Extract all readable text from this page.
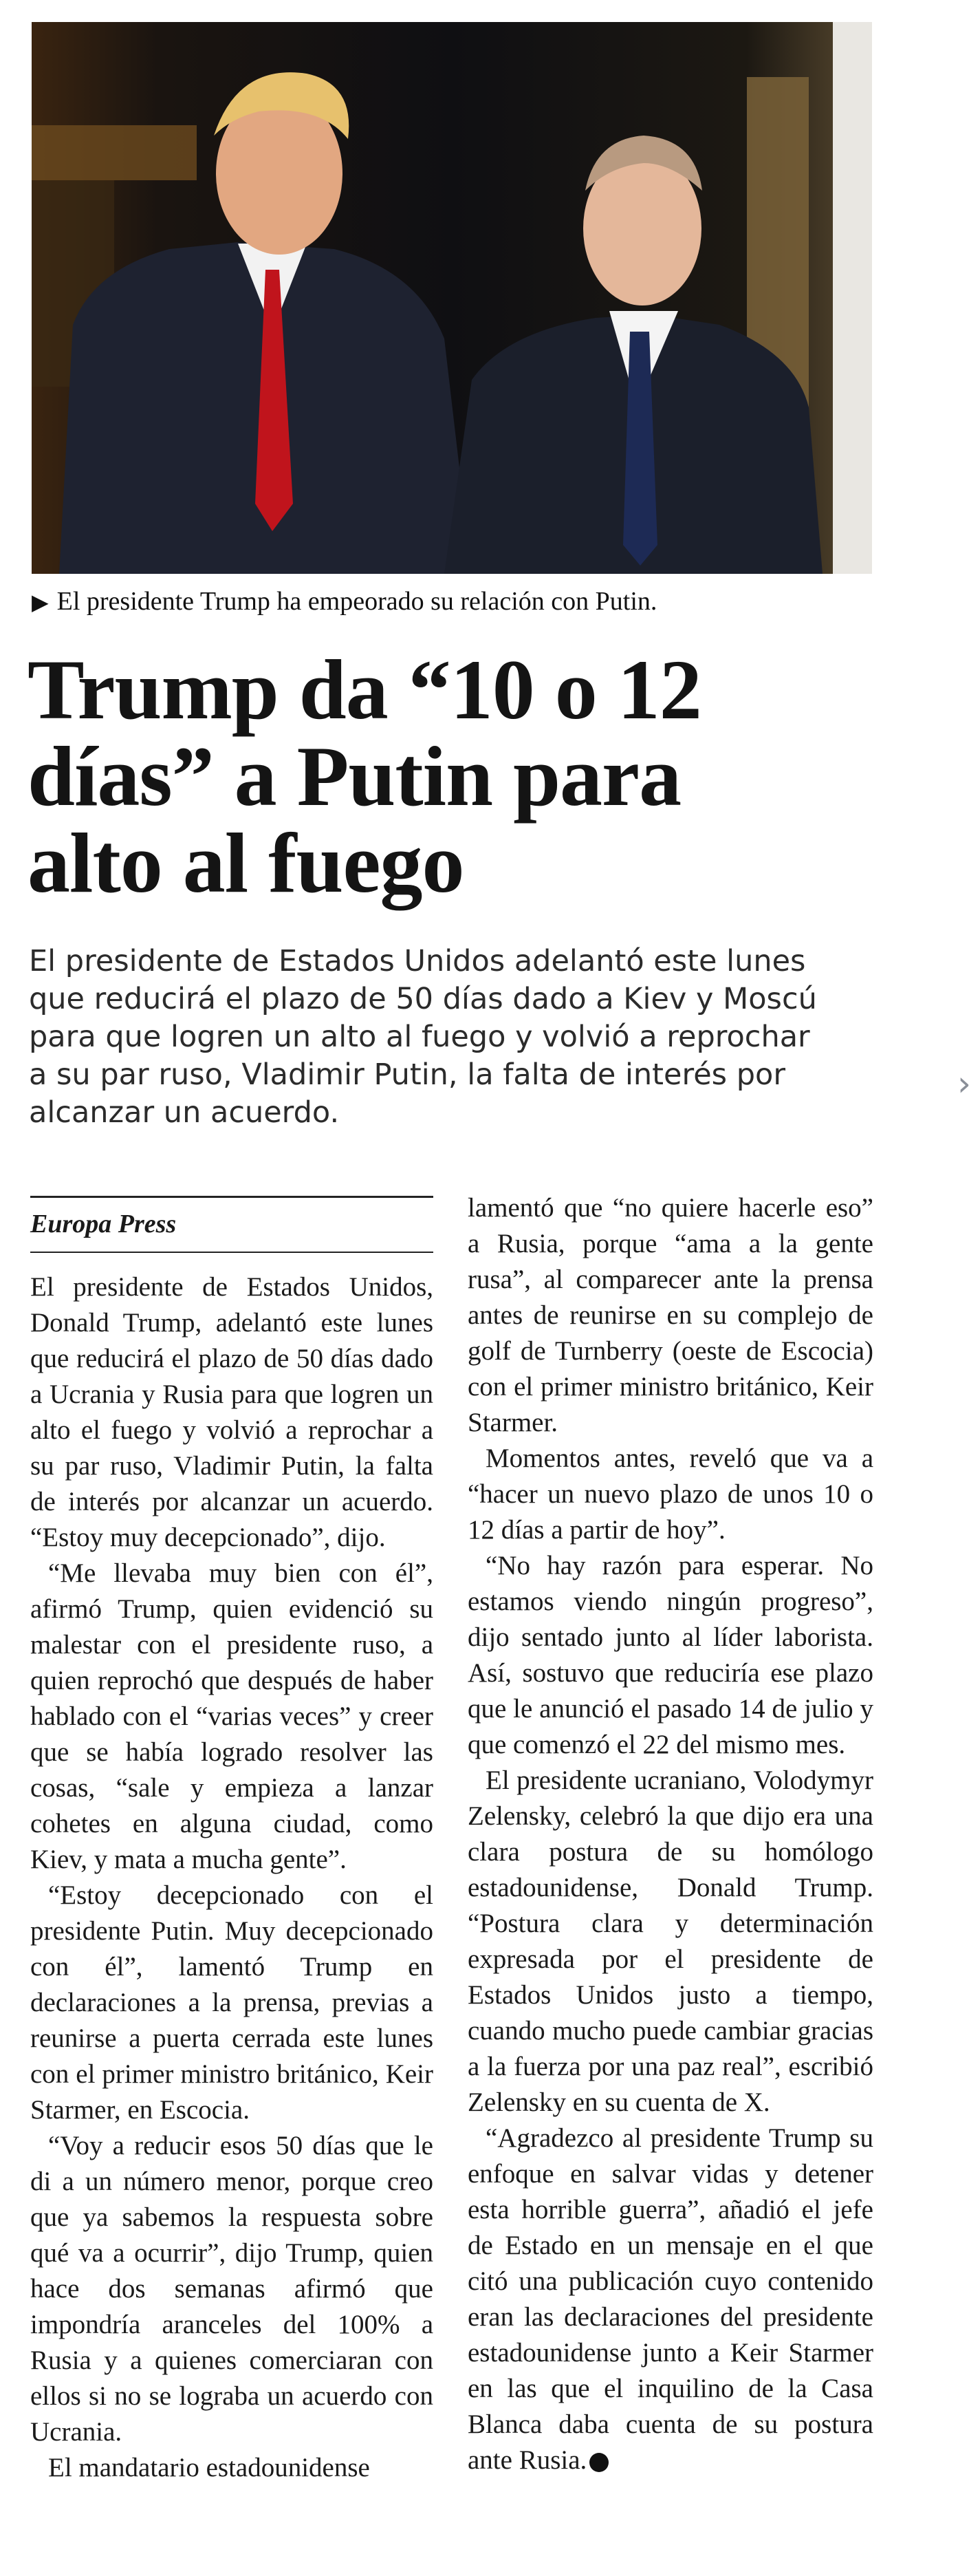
▶ El presidente Trump ha empeorado su relación con Putin.
Trump da “10 o 12 días” a Putin para alto al fuego

El presidente de Estados Unidos adelantó este lunes que reducirá el plazo de 50 días dado a Kiev y Moscú para que logren un alto al fuego y volvió a reprochar a su par ruso, Vladimir Putin, la falta de interés por alcanzar un acuerdo.

›
Europa Press

El presidente de Estados Unidos, Donald Trump, adelantó este lunes que reducirá el plazo de 50 días dado a Ucrania y Rusia para que logren un alto el fuego y volvió a reprochar a su par ruso, Vladimir Putin, la falta de interés por alcanzar un acuerdo. “Estoy muy decepcionado”, dijo.

“Me llevaba muy bien con él”, afirmó Trump, quien evidenció su malestar con el presidente ruso, a quien reprochó que después de haber hablado con el “varias veces” y creer que se había logrado resolver las cosas, “sale y empieza a lanzar cohetes en alguna ciudad, como Kiev, y mata a mucha gente”.

“Estoy decepcionado con el presidente Putin. Muy decepcionado con él”, lamentó Trump en declaraciones a la prensa, previas a reunirse a puerta cerrada este lunes con el primer ministro británico, Keir Starmer, en Escocia.

“Voy a reducir esos 50 días que le di a un número menor, porque creo que ya sabemos la respuesta sobre qué va a ocurrir”, dijo Trump, quien hace dos semanas afirmó que impondría aranceles del 100% a Rusia y a quienes comerciaran con ellos si no se lograba un acuerdo con Ucrania.

El mandatario estadounidense

lamentó que “no quiere hacerle eso” a Rusia, porque “ama a la gente rusa”, al comparecer ante la prensa antes de reunirse en su complejo de golf de Turnberry (oeste de Escocia) con el primer ministro británico, Keir Starmer.

Momentos antes, reveló que va a “hacer un nuevo plazo de unos 10 o 12 días a partir de hoy”.

“No hay razón para esperar. No estamos viendo ningún progreso”, dijo sentado junto al líder laborista. Así, sostuvo que reduciría ese plazo que le anunció el pasado 14 de julio y que comenzó el 22 del mismo mes.

El presidente ucraniano, Volodymyr Zelensky, celebró la que dijo era una clara postura de su homólogo estadounidense, Donald Trump. “Postura clara y determinación expresada por el presidente de Estados Unidos justo a tiempo, cuando mucho puede cambiar gracias a la fuerza por una paz real”, escribió Zelensky en su cuenta de X.

“Agradezco al presidente Trump su enfoque en salvar vidas y detener esta horrible guerra”, añadió el jefe de Estado en un mensaje en el que citó una publicación cuyo contenido eran las declaraciones del presidente estadounidense junto a Keir Starmer en las que el inquilino de la Casa Blanca daba cuenta de su postura ante Rusia.
